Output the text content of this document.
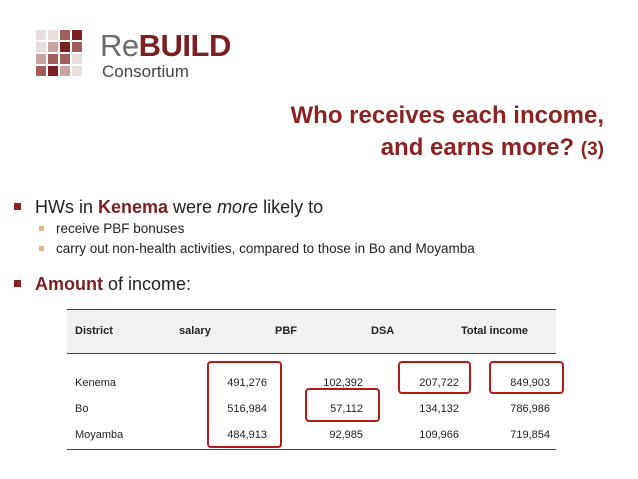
ReBUILD
Consortium
Who receives each income,
and earns more? (3)
HWs in Kenema were more likely to
receive PBF bonuses
carry out non-health activities, compared to those in Bo and Moyamba
Amount of income:
District	salary	PBF	DSA	Total income
Kenema	491,276	102,392	207,722	849,903
Bo	516,984	57,112	134,132	786,986
Moyamba	484,913	92,985	109,966	719,854
